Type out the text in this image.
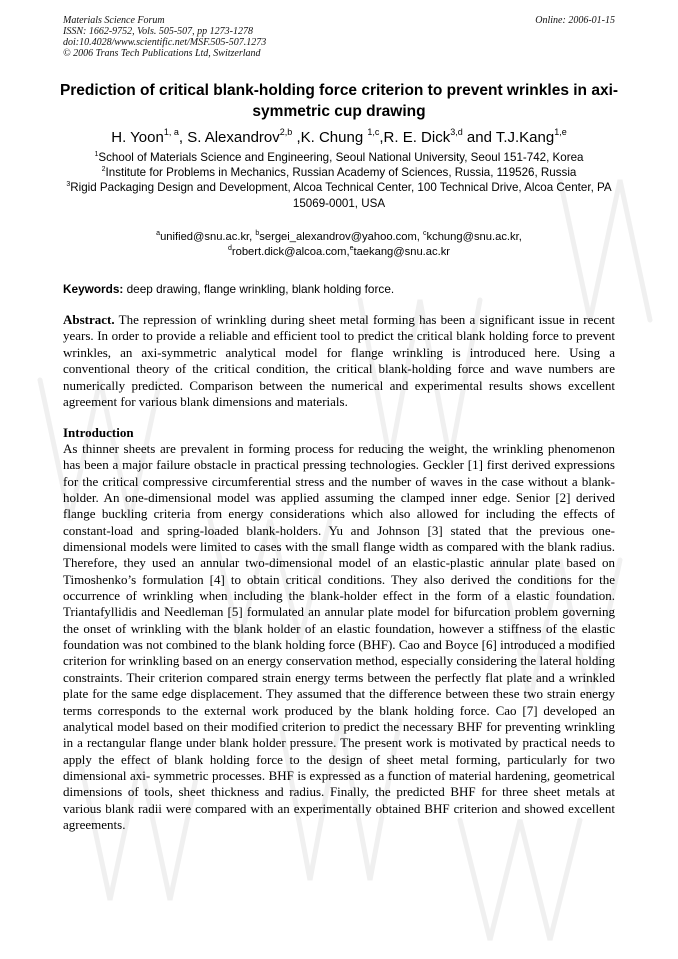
Materials Science Forum
ISSN: 1662-9752, Vols. 505-507, pp 1273-1278
doi:10.4028/www.scientific.net/MSF.505-507.1273
© 2006 Trans Tech Publications Ltd, Switzerland
Online: 2006-01-15
Prediction of critical blank-holding force criterion to prevent wrinkles in axi-symmetric cup drawing
H. Yoon$^{1, a}$, S. Alexandrov$^{2,b}$ ,K. Chung $^{1,c}$,R. E. Dick$^{3,d}$ and T.J.Kang$^{1,e}$
$^1$School of Materials Science and Engineering, Seoul National University, Seoul 151-742, Korea
$^2$Institute for Problems in Mechanics, Russian Academy of Sciences, Russia, 119526, Russia
$^3$Rigid Packaging Design and Development, Alcoa Technical Center, 100 Technical Drive, Alcoa Center, PA 15069-0001, USA
$^a$unified@snu.ac.kr, $^b$sergei_alexandrov@yahoo.com, $^c$kchung@snu.ac.kr,
$^d$robert.dick@alcoa.com,$^e$taekang@snu.ac.kr
Keywords: deep drawing, flange wrinkling, blank holding force.
Abstract. The repression of wrinkling during sheet metal forming has been a significant issue in recent years. In order to provide a reliable and efficient tool to predict the critical blank holding force to prevent wrinkles, an axi-symmetric analytical model for flange wrinkling is introduced here. Using a conventional theory of the critical condition, the critical blank-holding force and wave numbers are numerically predicted. Comparison between the numerical and experimental results shows excellent agreement for various blank dimensions and materials.
Introduction
As thinner sheets are prevalent in forming process for reducing the weight, the wrinkling phenomenon has been a major failure obstacle in practical pressing technologies. Geckler [1] first derived expressions for the critical compressive circumferential stress and the number of waves in the case without a blank-holder. An one-dimensional model was applied assuming the clamped inner edge. Senior [2] derived flange buckling criteria from energy considerations which also allowed for including the effects of constant-load and spring-loaded blank-holders. Yu and Johnson [3] stated that the previous one-dimensional models were limited to cases with the small flange width as compared with the blank radius. Therefore, they used an annular two-dimensional model of an elastic-plastic annular plate based on Timoshenko’s formulation [4] to obtain critical conditions. They also derived the conditions for the occurrence of wrinkling when including the blank-holder effect in the form of a elastic foundation. Triantafyllidis and Needleman [5] formulated an annular plate model for bifurcation problem governing the onset of wrinkling with the blank holder of an elastic foundation, however a stiffness of the elastic foundation was not combined to the blank holding force (BHF). Cao and Boyce [6] introduced a modified criterion for wrinkling based on an energy conservation method, especially considering the lateral holding constraints. Their criterion compared strain energy terms between the perfectly flat plate and a wrinkled plate for the same edge displacement. They assumed that the difference between these two strain energy terms corresponds to the external work produced by the blank holding force. Cao [7] developed an analytical model based on their modified criterion to predict the necessary BHF for preventing wrinkling in a rectangular flange under blank holder pressure. The present work is motivated by practical needs to apply the effect of blank holding force to the design of sheet metal forming, particularly for two dimensional axi- symmetric processes. BHF is expressed as a function of material hardening, geometrical dimensions of tools, sheet thickness and radius. Finally, the predicted BHF for three sheet metals at various blank radii were compared with an experimentally obtained BHF criterion and showed excellent agreements.
